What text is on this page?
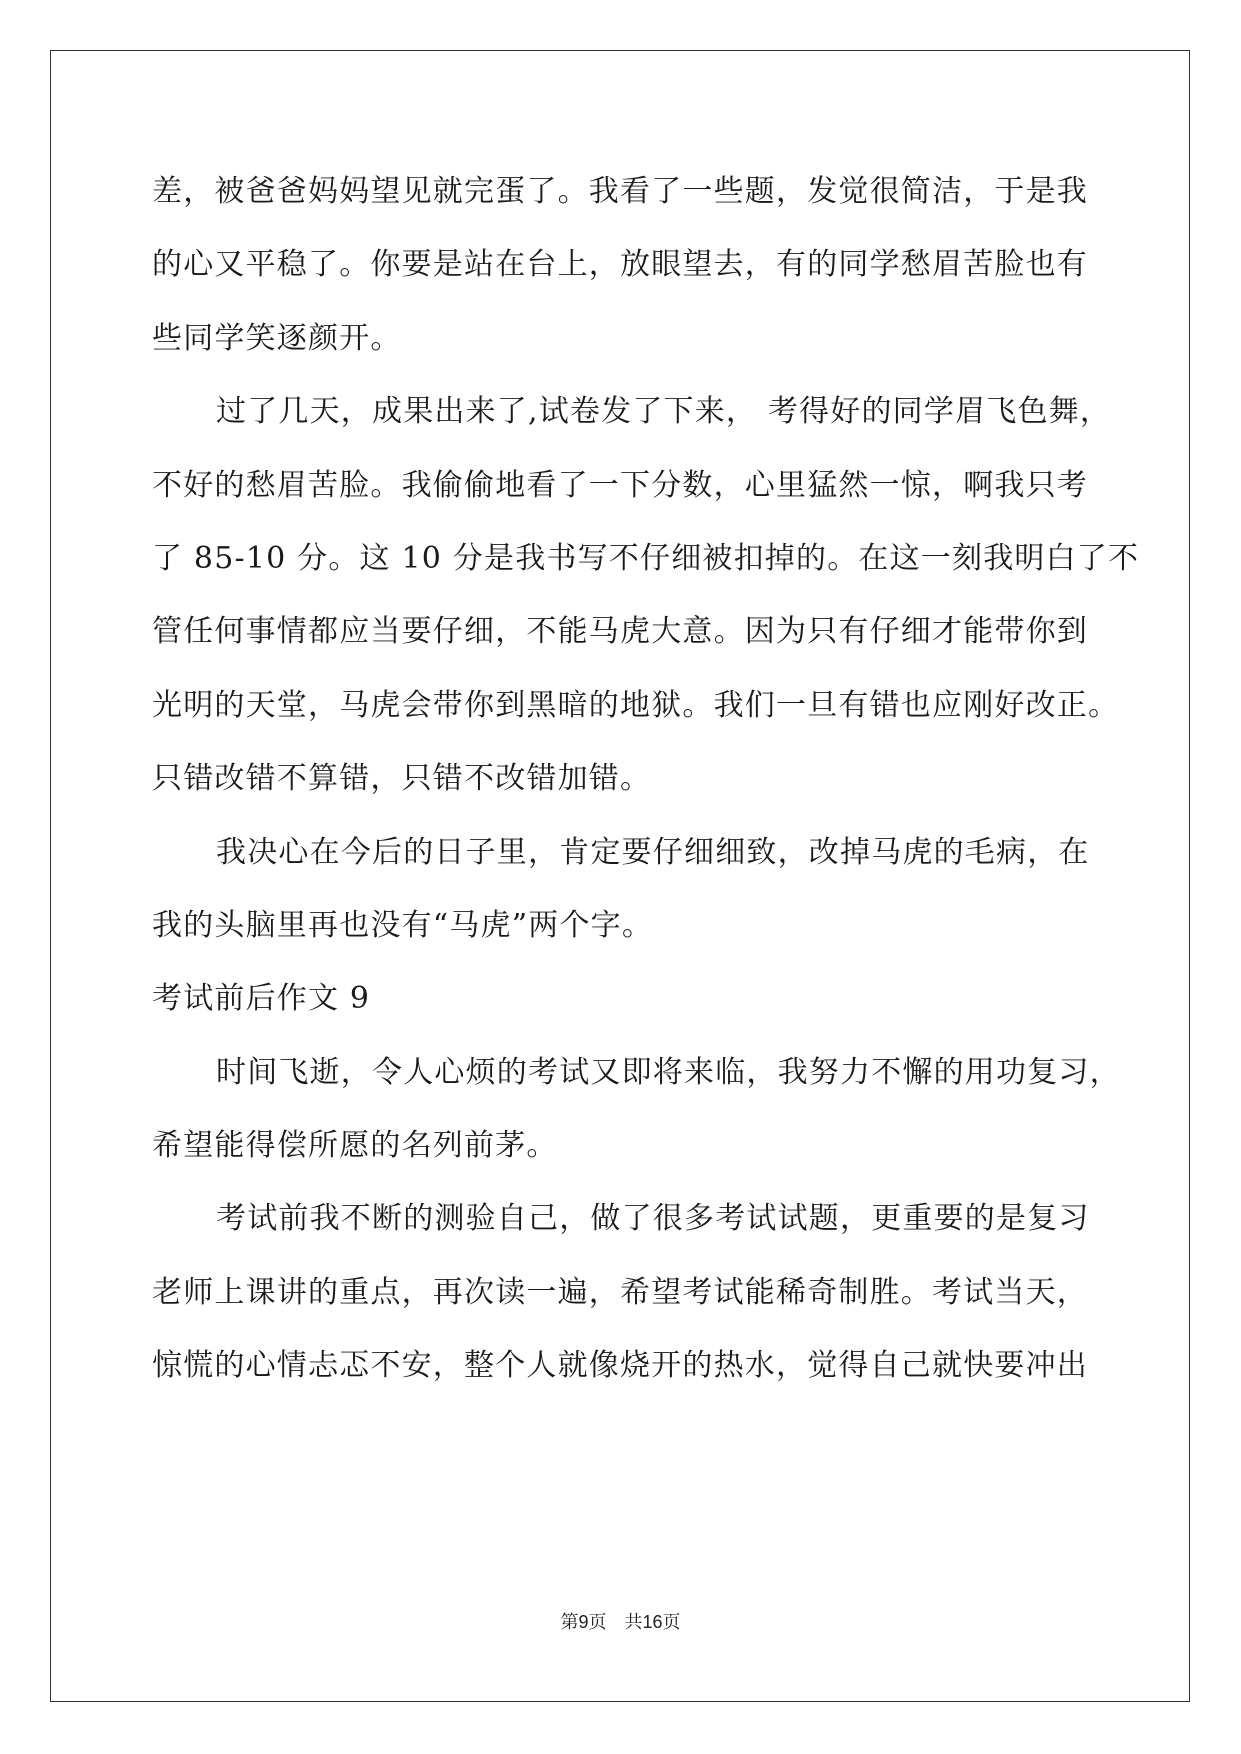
差，被爸爸妈妈望见就完蛋了。我看了一些题，发觉很简洁，于是我
的心又平稳了。你要是站在台上，放眼望去，有的同学愁眉苦脸也有
些同学笑逐颜开。
过了几天，成果出来了,试卷发了下来， 考得好的同学眉飞色舞，
不好的愁眉苦脸。我偷偷地看了一下分数，心里猛然一惊，啊我只考
了 85-10 分。这 10 分是我书写不仔细被扣掉的。在这一刻我明白了不
管任何事情都应当要仔细，不能马虎大意。因为只有仔细才能带你到
光明的天堂，马虎会带你到黑暗的地狱。我们一旦有错也应刚好改正。
只错改错不算错，只错不改错加错。
我决心在今后的日子里，肯定要仔细细致，改掉马虎的毛病，在
我的头脑里再也没有“马虎”两个字。
考试前后作文 9
时间飞逝，令人心烦的考试又即将来临，我努力不懈的用功复习，
希望能得偿所愿的名列前茅。
考试前我不断的测验自己，做了很多考试试题，更重要的是复习
老师上课讲的重点，再次读一遍，希望考试能稀奇制胜。考试当天，
惊慌的心情忐忑不安，整个人就像烧开的热水，觉得自己就快要冲出
第9页 共16页
